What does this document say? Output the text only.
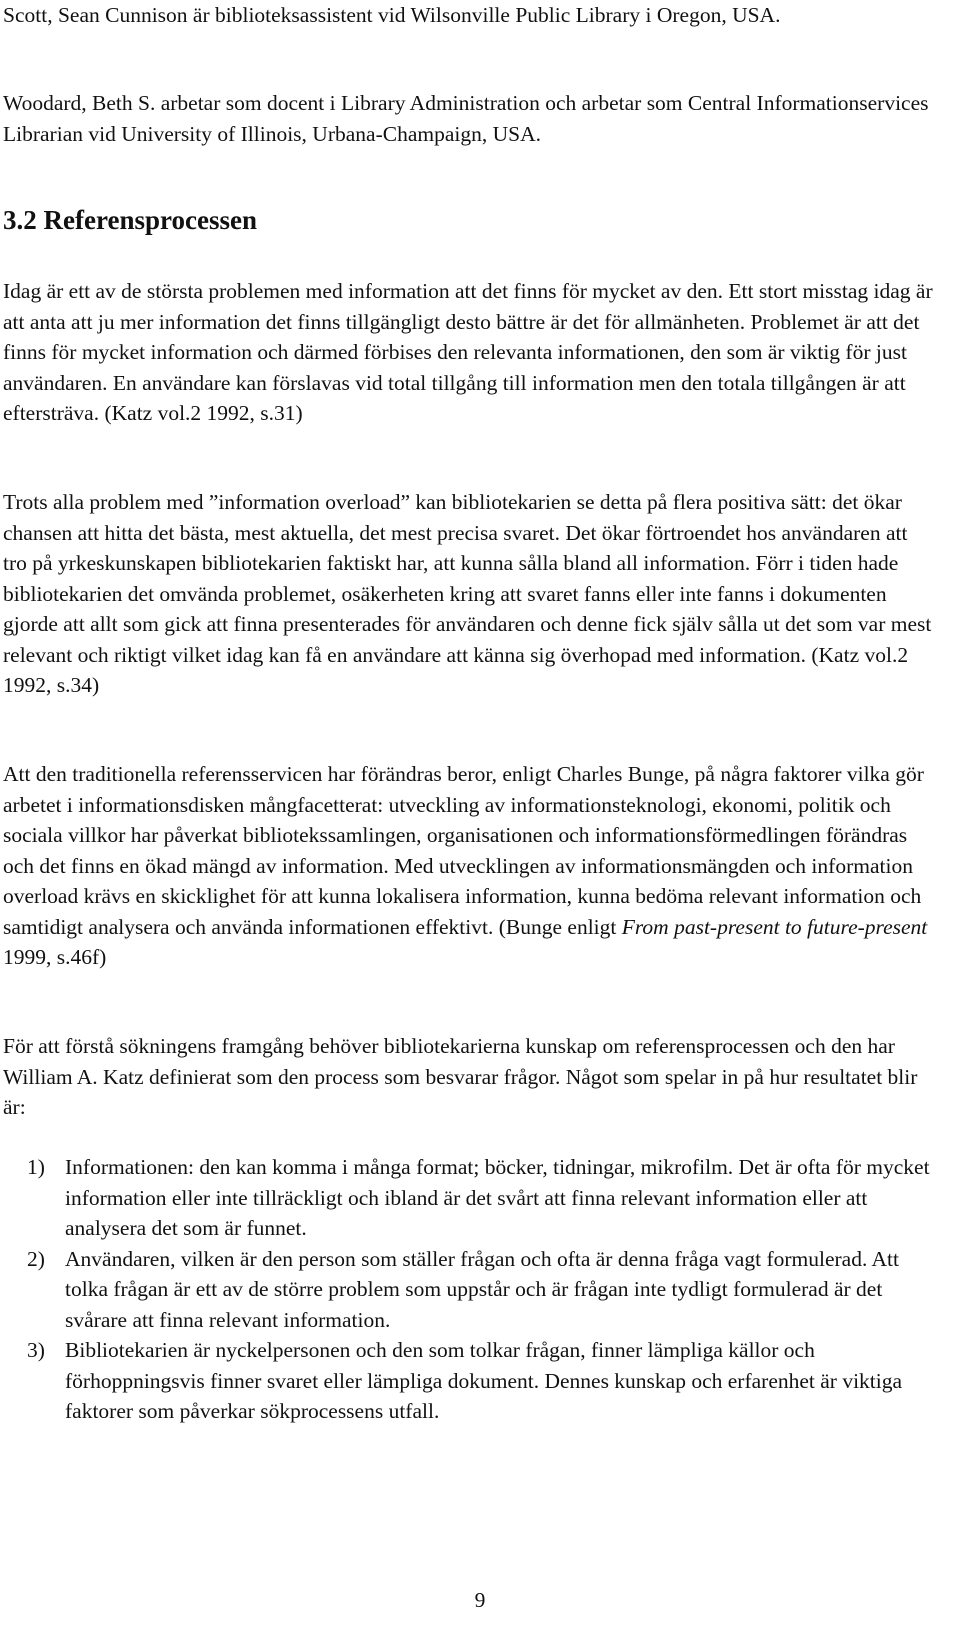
Scott, Sean Cunnison är biblioteksassistent vid Wilsonville Public Library i Oregon, USA.

Woodard, Beth S. arbetar som docent i Library Administration och arbetar som Central Informationservices Librarian vid University of Illinois, Urbana-Champaign, USA.

3.2 Referensprocessen

Idag är ett av de största problemen med information att det finns för mycket av den. Ett stort misstag idag är att anta att ju mer information det finns tillgängligt desto bättre är det för allmänheten. Problemet är att det finns för mycket information och därmed förbises den relevanta informationen, den som är viktig för just användaren. En användare kan förslavas vid total tillgång till information men den totala tillgången är att eftersträva. (Katz vol.2 1992, s.31)

Trots alla problem med ”information overload” kan bibliotekarien se detta på flera positiva sätt: det ökar chansen att hitta det bästa, mest aktuella, det mest precisa svaret. Det ökar förtroendet hos användaren att tro på yrkeskunskapen bibliotekarien faktiskt har, att kunna sålla bland all information. Förr i tiden hade bibliotekarien det omvända problemet, osäkerheten kring att svaret fanns eller inte fanns i dokumenten gjorde att allt som gick att finna presenterades för användaren och denne fick själv sålla ut det som var mest relevant och riktigt vilket idag kan få en användare att känna sig överhopad med information. (Katz vol.2 1992, s.34)

Att den traditionella referensservicen har förändras beror, enligt Charles Bunge, på några faktorer vilka gör arbetet i informationsdisken mångfacetterat: utveckling av informationsteknologi, ekonomi, politik och sociala villkor har påverkat bibliotekssamlingen, organisationen och informationsförmedlingen förändras och det finns en ökad mängd av information. Med utvecklingen av informationsmängden och information overload krävs en skicklighet för att kunna lokalisera information, kunna bedöma relevant information och samtidigt analysera och använda informationen effektivt. (Bunge enligt From past-present to future-present 1999, s.46f)

För att förstå sökningens framgång behöver bibliotekarierna kunskap om referensprocessen och den har William A. Katz definierat som den process som besvarar frågor. Något som spelar in på hur resultatet blir är:

1) Informationen: den kan komma i många format; böcker, tidningar, mikrofilm. Det är ofta för mycket information eller inte tillräckligt och ibland är det svårt att finna relevant information eller att analysera det som är funnet.
2) Användaren, vilken är den person som ställer frågan och ofta är denna fråga vagt formulerad. Att tolka frågan är ett av de större problem som uppstår och är frågan inte tydligt formulerad är det svårare att finna relevant information.
3) Bibliotekarien är nyckelpersonen och den som tolkar frågan, finner lämpliga källor och förhoppningsvis finner svaret eller lämpliga dokument. Dennes kunskap och erfarenhet är viktiga faktorer som påverkar sökprocessens utfall.
9
